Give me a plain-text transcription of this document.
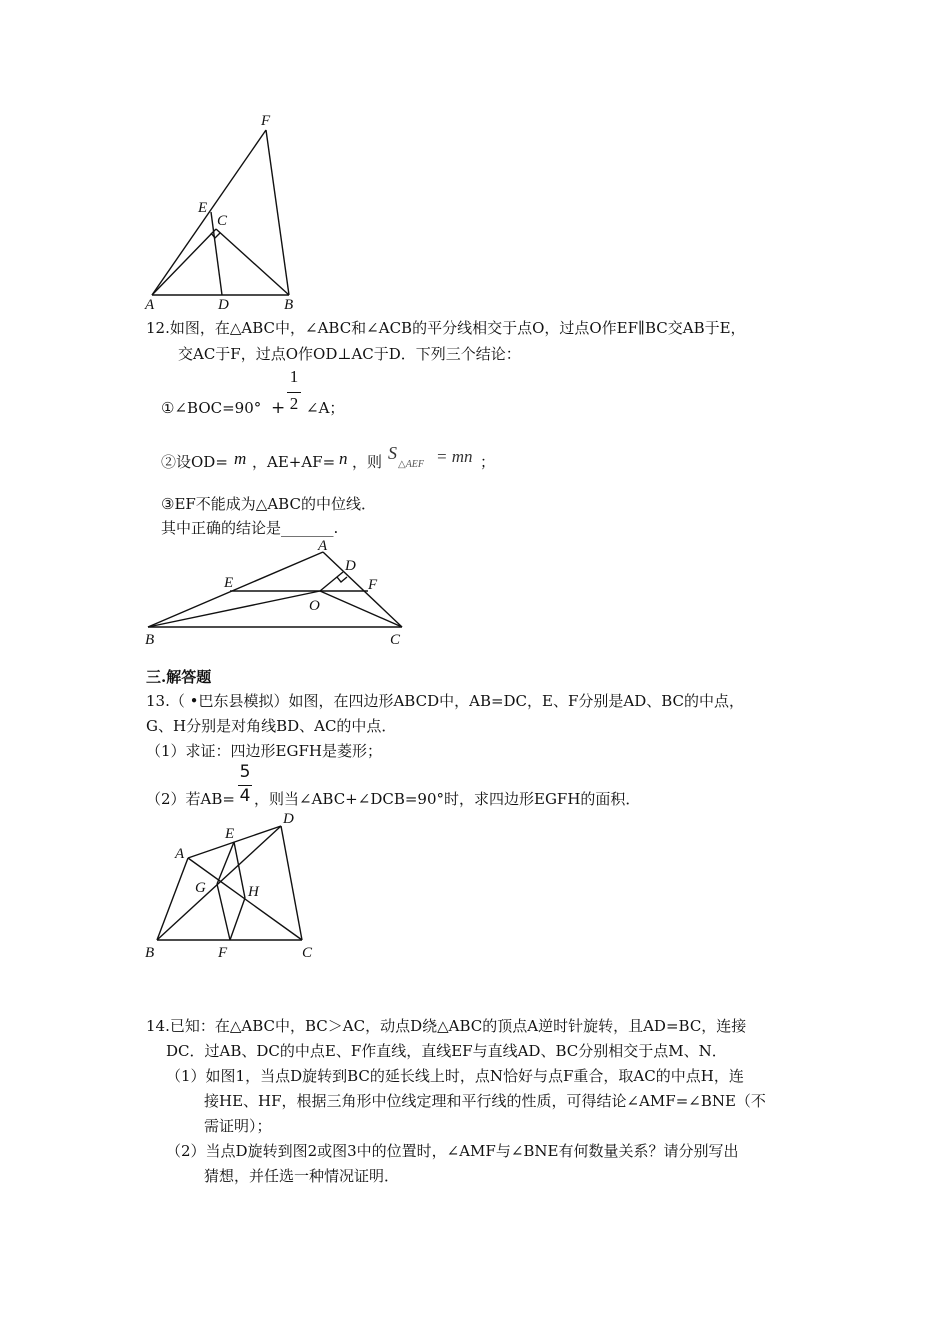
F
E
C
A	D	B
A
D
E	F
O
B	C
E
D
A
G	H
B	F	C
12.如图，在△ABC中，∠ABC和∠ACB的平分线相交于点O，过点O作EF∥BC交AB于E，
交AC于F，过点O作OD⊥AC于D．下列三个结论：
①∠BOC=90° +
1
2 ∠A；
②设OD= m ，AE+AF= n ，则 S
△AEF = mn ；
③EF不能成为△ABC的中位线．
其中正确的结论是_______.
三.解答题
13.（ •巴东县模拟）如图，在四边形ABCD中，AB=DC，E、F分别是AD、BC的中点，
G、H分别是对角线BD、AC的中点．
（1）求证：四边形EGFH是菱形；
（2）若AB=
5
4 ，则当∠ABC+∠DCB=90°时，求四边形EGFH的面积．
14.已知：在△ABC中，BC＞AC，动点D绕△ABC的顶点A逆时针旋转，且AD=BC，连接
DC．过AB、DC的中点E、F作直线，直线EF与直线AD、BC分别相交于点M、N．
（1）如图1，当点D旋转到BC的延长线上时，点N恰好与点F重合，取AC的中点H，连
接HE、HF，根据三角形中位线定理和平行线的性质，可得结论∠AMF=∠BNE（不
需证明）；
（2）当点D旋转到图2或图3中的位置时，∠AMF与∠BNE有何数量关系？请分别写出
猜想，并任选一种情况证明．
